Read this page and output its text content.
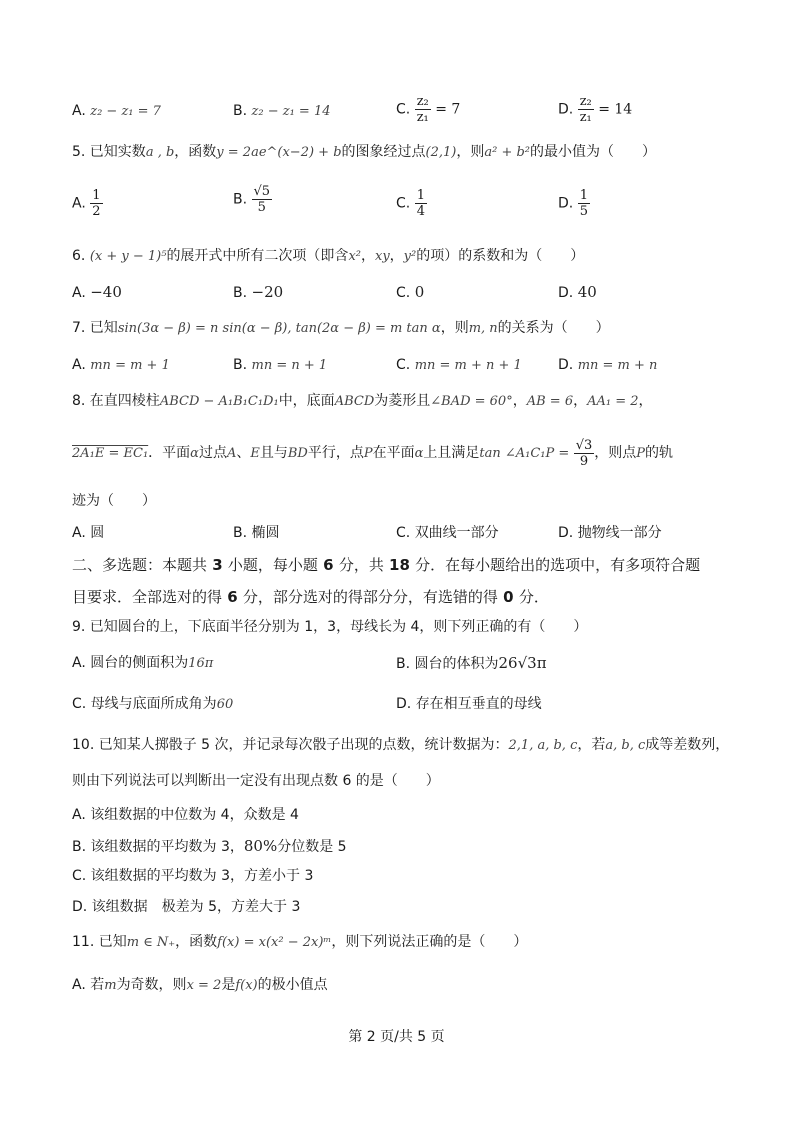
A. z₂ − z₁ = 7	B. z₂ − z₁ = 14	C. $\frac{\text{z₂}}{\text{z₁}} = 7$	D. $\frac{\text{z₂}}{\text{z₁}} = 14$
5. 已知实数a , b，函数y = 2ae^(x−2) + b的图象经过点(2,1)，则a² + b²的最小值为（　　）
A. $\frac{1}{2}$	B. $\frac{√5}{5}$	C. $\frac{1}{4}$	D. $\frac{1}{5}$
6. (x + y − 1)⁵的展开式中所有二次项（即含x²，xy，y²的项）的系数和为（　　）
A. −40	B. −20	C. 0	D. 40
7. 已知sin(3α − β) = n sin(α − β), tan(2α − β) = m tan α，则m, n的关系为（　　）
A. mn = m + 1	B. mn = n + 1	C. mn = m + n + 1	D. mn = m + n
8. 在直四棱柱ABCD − A₁B₁C₁D₁中，底面ABCD为菱形且∠BAD = 60°，AB = 6，AA₁ = 2，
2A₁E = EC₁．平面α过点A、E且与BD平行，点P在平面α上且满足tan ∠A₁C₁P = $\frac{√3}{9}$ ，则点P的轨
迹为（　　）
A. 圆	B. 椭圆	C. 双曲线一部分	D. 抛物线一部分
二、多选题：本题共 3 小题，每小题 6 分，共 18 分．在每小题给出的选项中，有多项符合题
目要求．全部选对的得 6 分，部分选对的得部分分，有选错的得 0 分．
9. 已知圆台的上，下底面半径分别为 1，3，母线长为 4，则下列正确的有（　　）
A. 圆台的侧面积为16π	B. 圆台的体积为26√3π
C. 母线与底面所成角为60	D. 存在相互垂直的母线
10. 已知某人掷骰子 5 次，并记录每次骰子出现的点数，统计数据为：2,1, a, b, c，若a, b, c成等差数列，
则由下列说法可以判断出一定没有出现点数 6 的是（　　）
A. 该组数据的中位数为 4，众数是 4
B. 该组数据的平均数为 3，80%分位数是 5
C. 该组数据的平均数为 3，方差小于 3
D. 该组数据　极差为 5，方差大于 3
11. 已知m ∈ N₊，函数f(x) = x(x² − 2x)ᵐ，则下列说法正确的是（　　）
A. 若m为奇数，则x = 2是f(x)的极小值点
第 2 页/共 5 页
